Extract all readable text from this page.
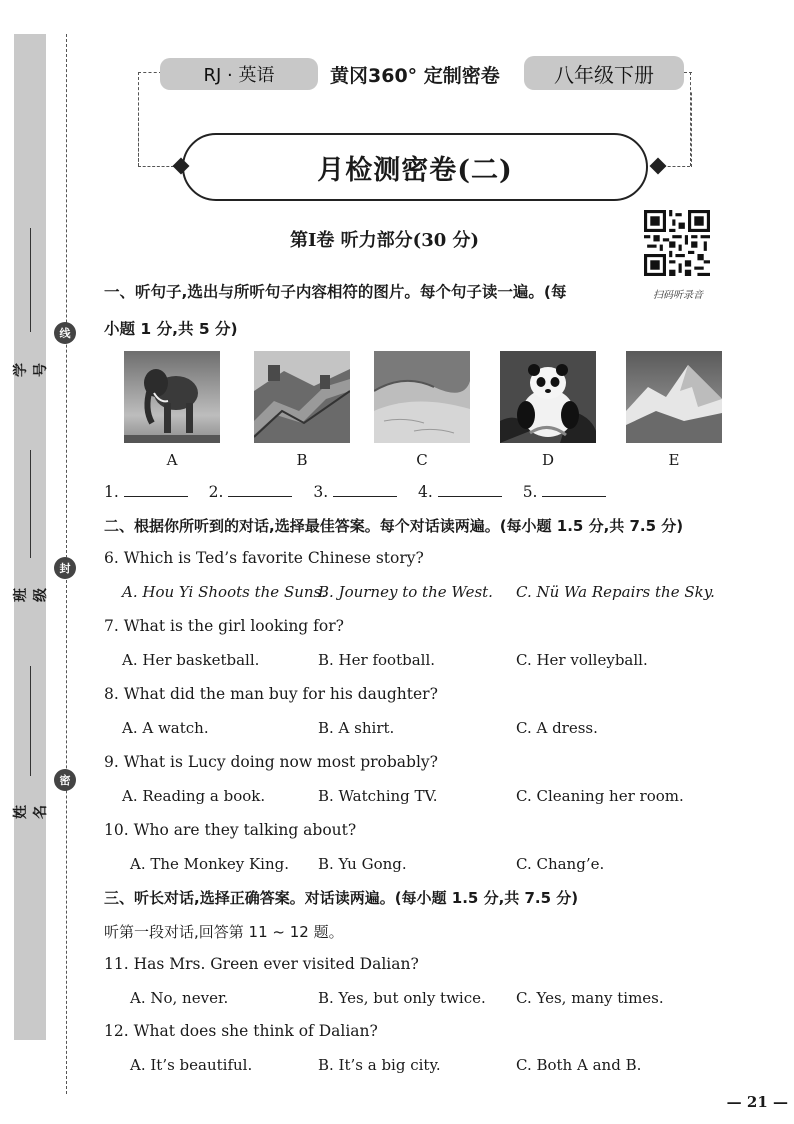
学号
班级
姓名
线
封
密
RJ · 英语	黄冈360° 定制密卷	八年级下册
月检测密卷(二)
第Ⅰ卷 听力部分(30 分)
扫码听录音
一、听句子,选出与所听句子内容相符的图片。每个句子读一遍。(每
小题 1 分,共 5 分)
A	B	C	D	E
1.	2.	3.	4.	5.
二、根据你所听到的对话,选择最佳答案。每个对话读两遍。(每小题 1.5 分,共 7.5 分)
6. Which is Ted’s favorite Chinese story?
A. Hou Yi Shoots the Suns.
B. Journey to the West. C. Nü Wa Repairs the Sky.
7. What is the girl looking for?
A. Her basketball.	B. Her football.	C. Her volleyball.
8. What did the man buy for his daughter?
A. A watch.	B. A shirt.	C. A dress.
9. What is Lucy doing now most probably?
A. Reading a book.	B. Watching TV.	C. Cleaning her room.
10. Who are they talking about?
A. The Monkey King. B. Yu Gong.	C. Chang’e.
三、听长对话,选择正确答案。对话读两遍。(每小题 1.5 分,共 7.5 分)
听第一段对话,回答第 11 ~ 12 题。
11. Has Mrs. Green ever visited Dalian?
A. No, never.	B. Yes, but only twice. C. Yes, many times.
12. What does she think of Dalian?
A. It’s beautiful.	B. It’s a big city.	C. Both A and B.
— 21 —
